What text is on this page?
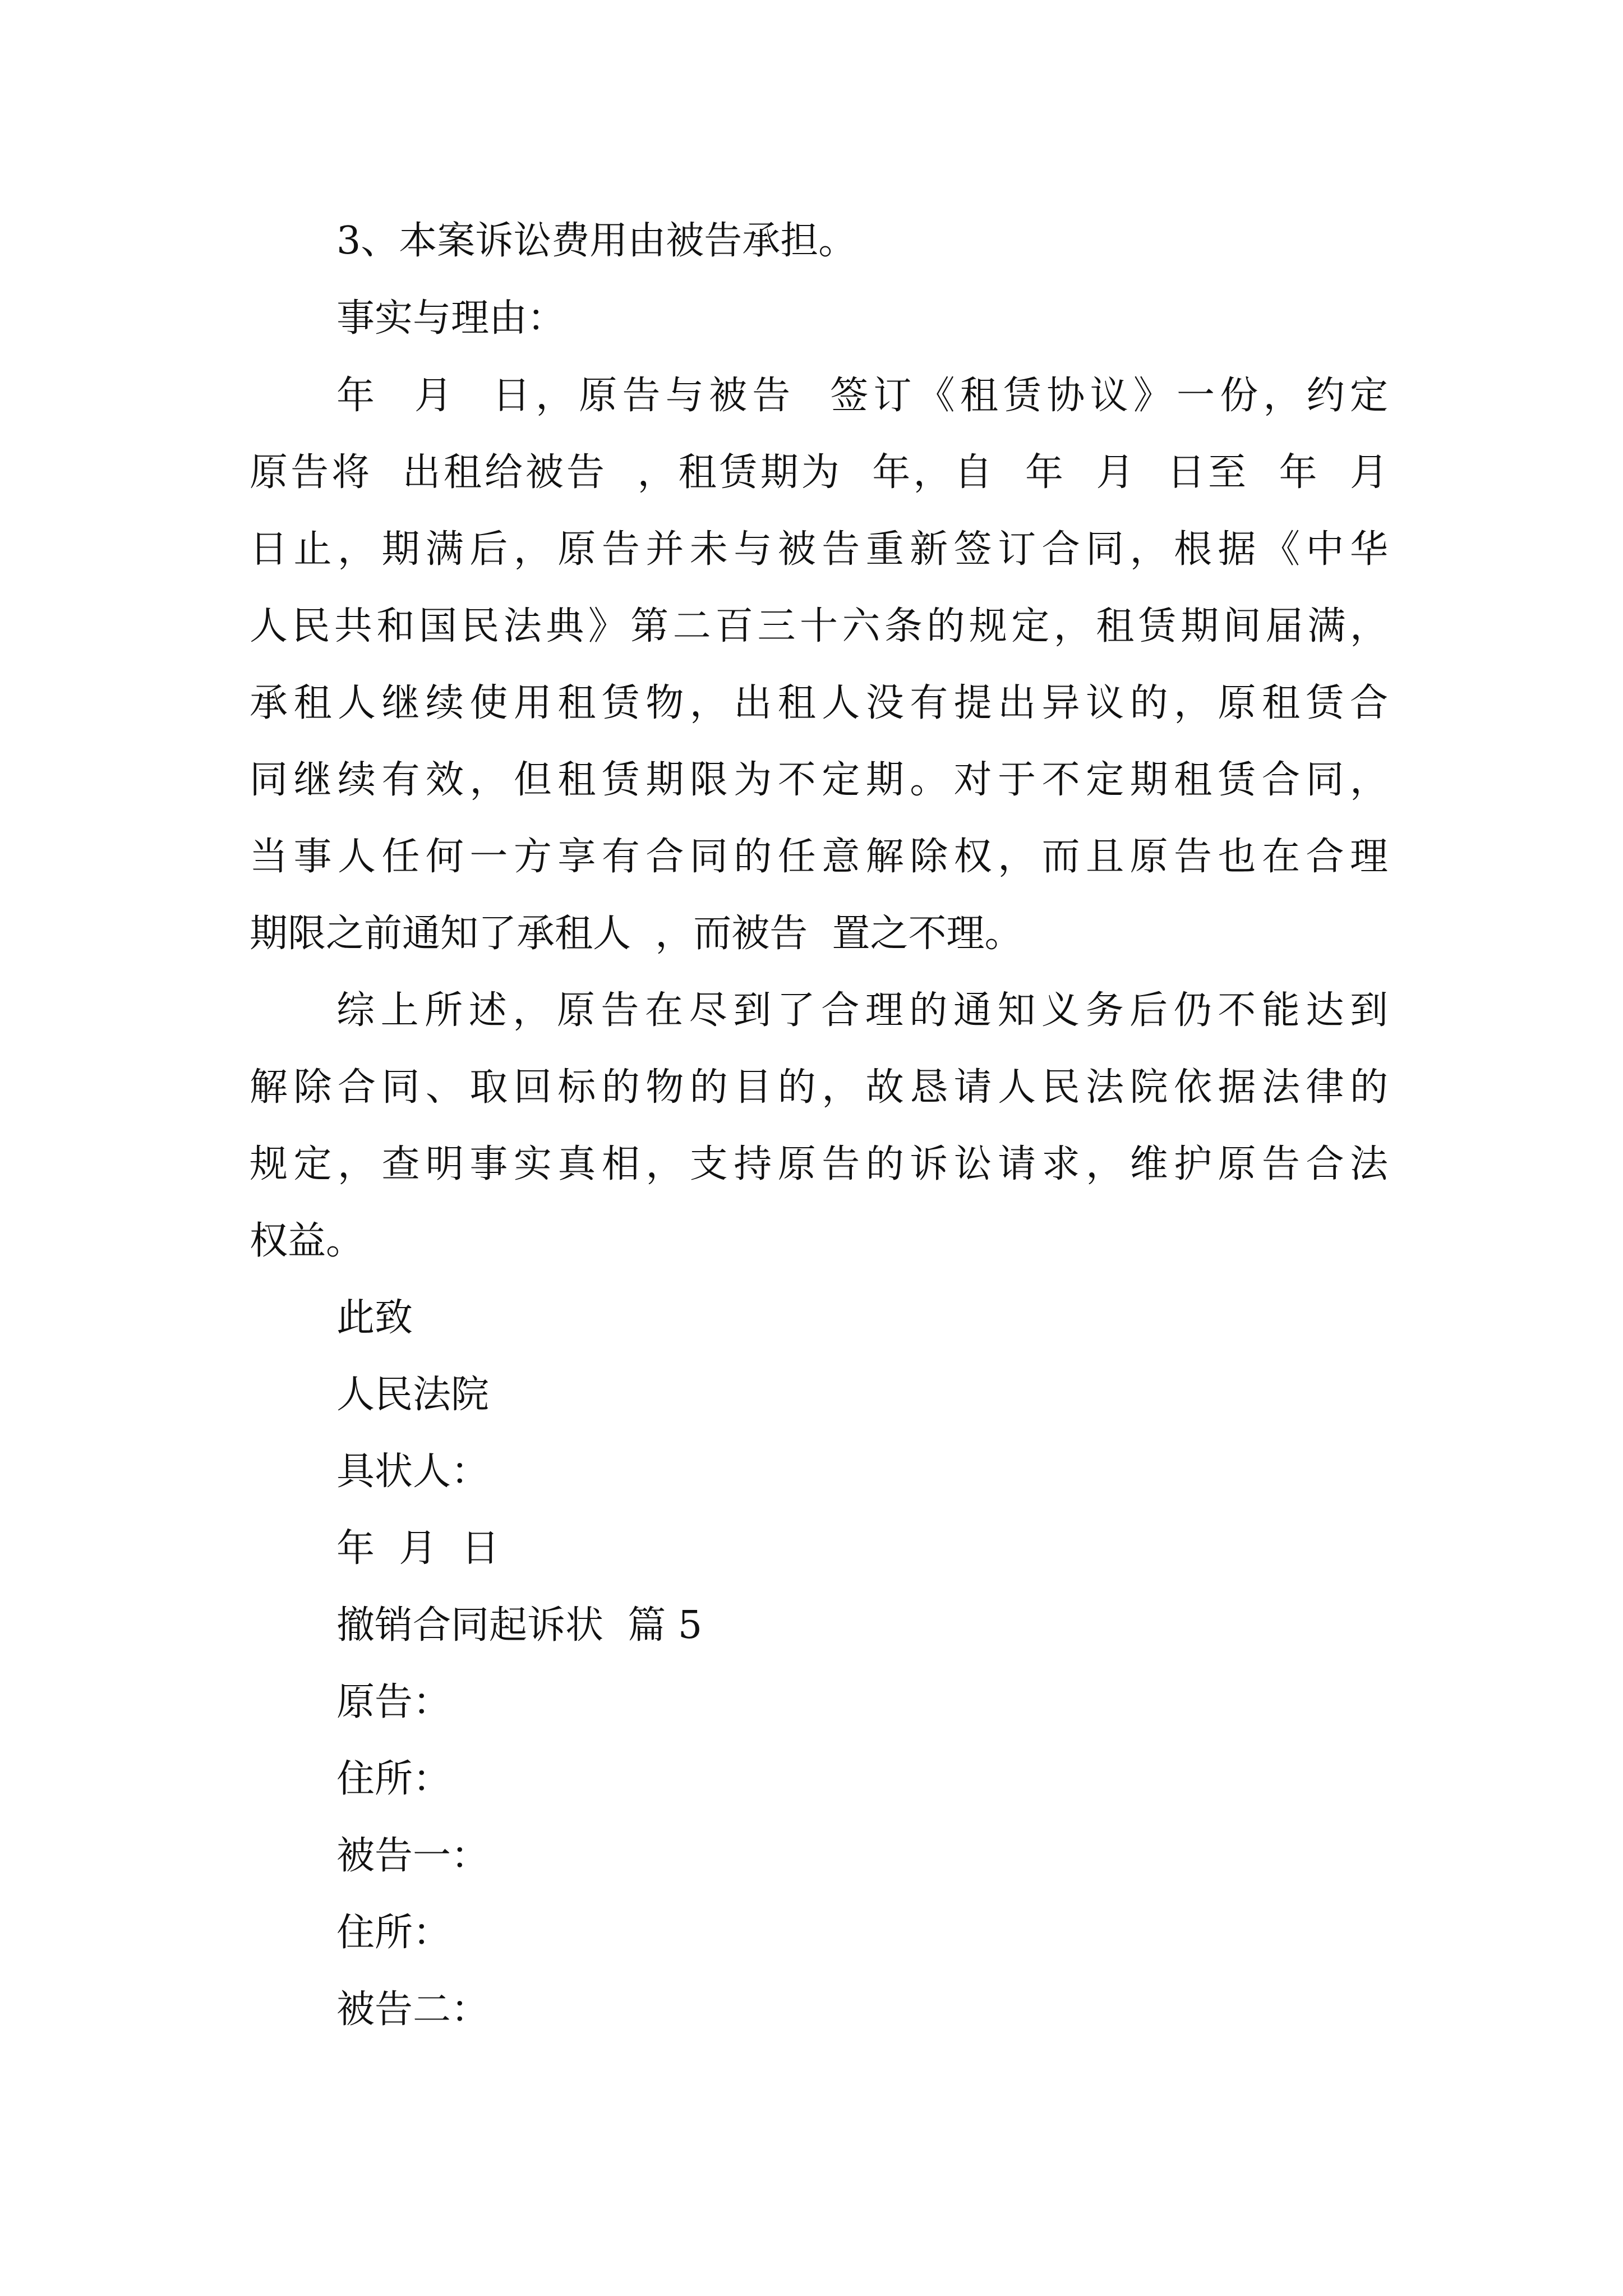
3、本案诉讼费用由被告承担。
事实与理由：
年  月  日，原告与被告  签订《租赁协议》一份，约定
原告将  出租给被告  ，租赁期为  年，自  年  月  日至  年  月
日止，期满后，原告并未与被告重新签订合同，根据《中华
人民共和国民法典》第二百三十六条的规定，租赁期间届满，
承租人继续使用租赁物，出租人没有提出异议的，原租赁合
同继续有效，但租赁期限为不定期。对于不定期租赁合同，
当事人任何一方享有合同的任意解除权，而且原告也在合理
期限之前通知了承租人  ，而被告  置之不理。
综上所述，原告在尽到了合理的通知义务后仍不能达到
解除合同、取回标的物的目的，故恳请人民法院依据法律的
规定，查明事实真相，支持原告的诉讼请求，维护原告合法
权益。
此致
人民法院
具状人：
年  月  日
撤销合同起诉状  篇 5
原告：
住所：
被告一：
住所：
被告二：
